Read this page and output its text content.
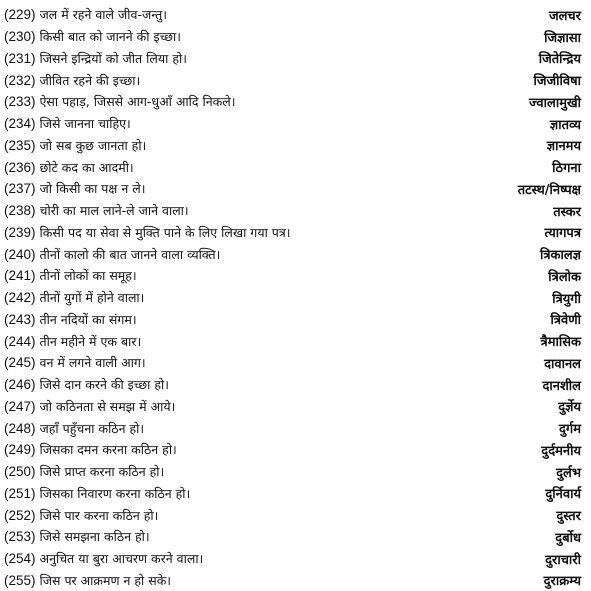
(229) जल में रहने वाले जीव-जन्तु।	जलचर
(230) किसी बात को जानने की इच्छा।	जिज्ञासा
(231) जिसने इन्द्रियों को जीत लिया हो।	जितेन्द्रिय
(232) जीवित रहने की इच्छा।	जिजीविषा
(233) ऐसा पहाड़, जिससे आग-धुआँ आदि निकले।	ज्वालामुखी
(234) जिसे जानना चाहिए।	ज्ञातव्य
(235) जो सब कुछ जानता हो।	ज्ञानमय
(236) छोटे कद का आदमी।	ठिगना
(237) जो किसी का पक्ष न ले।	तटस्थ/निष्पक्ष
(238) चोरी का माल लाने-ले जाने वाला।	तस्कर
(239) किसी पद या सेवा से मुक्ति पाने के लिए लिखा गया पत्र।	त्यागपत्र
(240) तीनों कालो की बात जानने वाला व्यक्ति।	त्रिकालज्ञ
(241) तीनों लोकों का समूह।	त्रिलोक
(242) तीनों युगों में होने वाला।	त्रियुगी
(243) तीन नदियों का संगम।	त्रिवेणी
(244) तीन महीने में एक बार।	त्रैमासिक
(245) वन में लगने वाली आग।	दावानल
(246) जिसे दान करने की इच्छा हो।	दानशील
(247) जो कठिनता से समझ में आये।	दुर्ज्ञेय
(248) जहाँ पहुँचना कठिन हो।	दुर्गम
(249) जिसका दमन करना कठिन हो।	दुर्दमनीय
(250) जिसे प्राप्त करना कठिन हो।	दुर्लभ
(251) जिसका निवारण करना कठिन हो।	दुर्निवार्य
(252) जिसे पार करना कठिन हो।	दुस्तर
(253) जिसे समझना कठिन हो।	दुर्बोध
(254) अनुचित या बुरा आचरण करने वाला।	दुराचारी
(255) जिस पर आक्रमण न हो सके।	दुराक्रम्य
